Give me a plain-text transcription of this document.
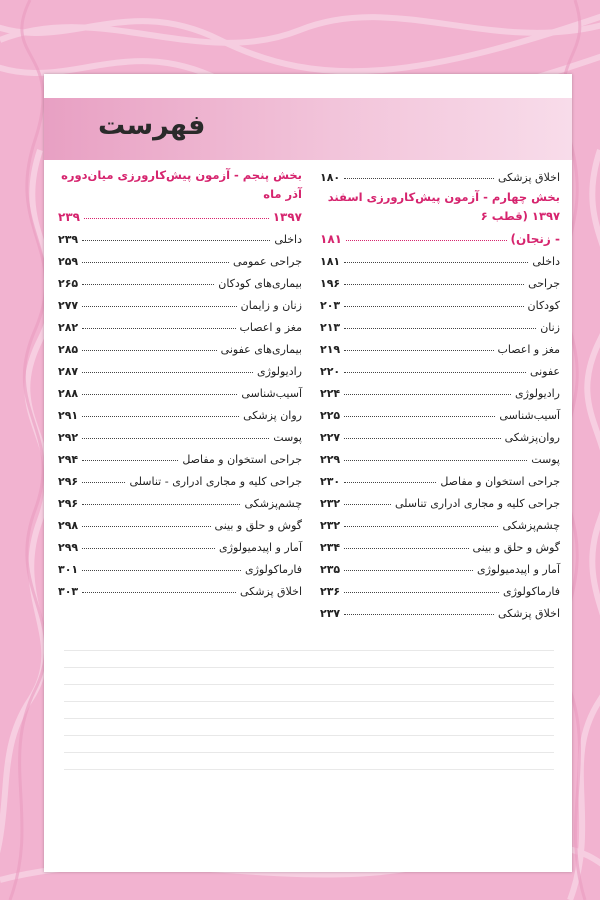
فهرست
اخلاق پزشکی
۱۸۰
بخش چهارم - آزمون پیش‌کارورزی اسفند ۱۳۹۷ (قطب ۶
- زنجان)
۱۸۱
داخلی
۱۸۱
جراحی
۱۹۶
کودکان
۲۰۳
زنان
۲۱۳
مغز و اعصاب
۲۱۹
عفونی
۲۲۰
رادیولوژی
۲۲۴
آسیب‌شناسی
۲۲۵
روان‌پزشکی
۲۲۷
پوست
۲۲۹
جراحی استخوان و مفاصل
۲۳۰
جراحی کلیه و مجاری ادراری تناسلی
۲۳۲
چشم‌پزشکی
۲۳۲
گوش و حلق و بینی
۲۳۴
آمار و اپیدمیولوژی
۲۳۵
فارماکولوژی
۲۳۶
اخلاق پزشکی
۲۳۷
بخش پنجم - آزمون پیش‌کارورزی میان‌دوره آذر ماه
۱۳۹۷
۲۳۹
داخلی
۲۳۹
جراحی عمومی
۲۵۹
بیماری‌های کودکان
۲۶۵
زنان و زایمان
۲۷۷
مغز و اعصاب
۲۸۲
بیماری‌های عفونی
۲۸۵
رادیولوژی
۲۸۷
آسیب‌شناسی
۲۸۸
روان پزشکی
۲۹۱
پوست
۲۹۲
جراحی استخوان و مفاصل
۲۹۴
جراحی کلیه و مجاری ادراری - تناسلی
۲۹۶
چشم‌پزشکی
۲۹۶
گوش و حلق و بینی
۲۹۸
آمار و اپیدمیولوژی
۲۹۹
فارماکولوژی
۳۰۱
اخلاق پزشکی
۳۰۳
